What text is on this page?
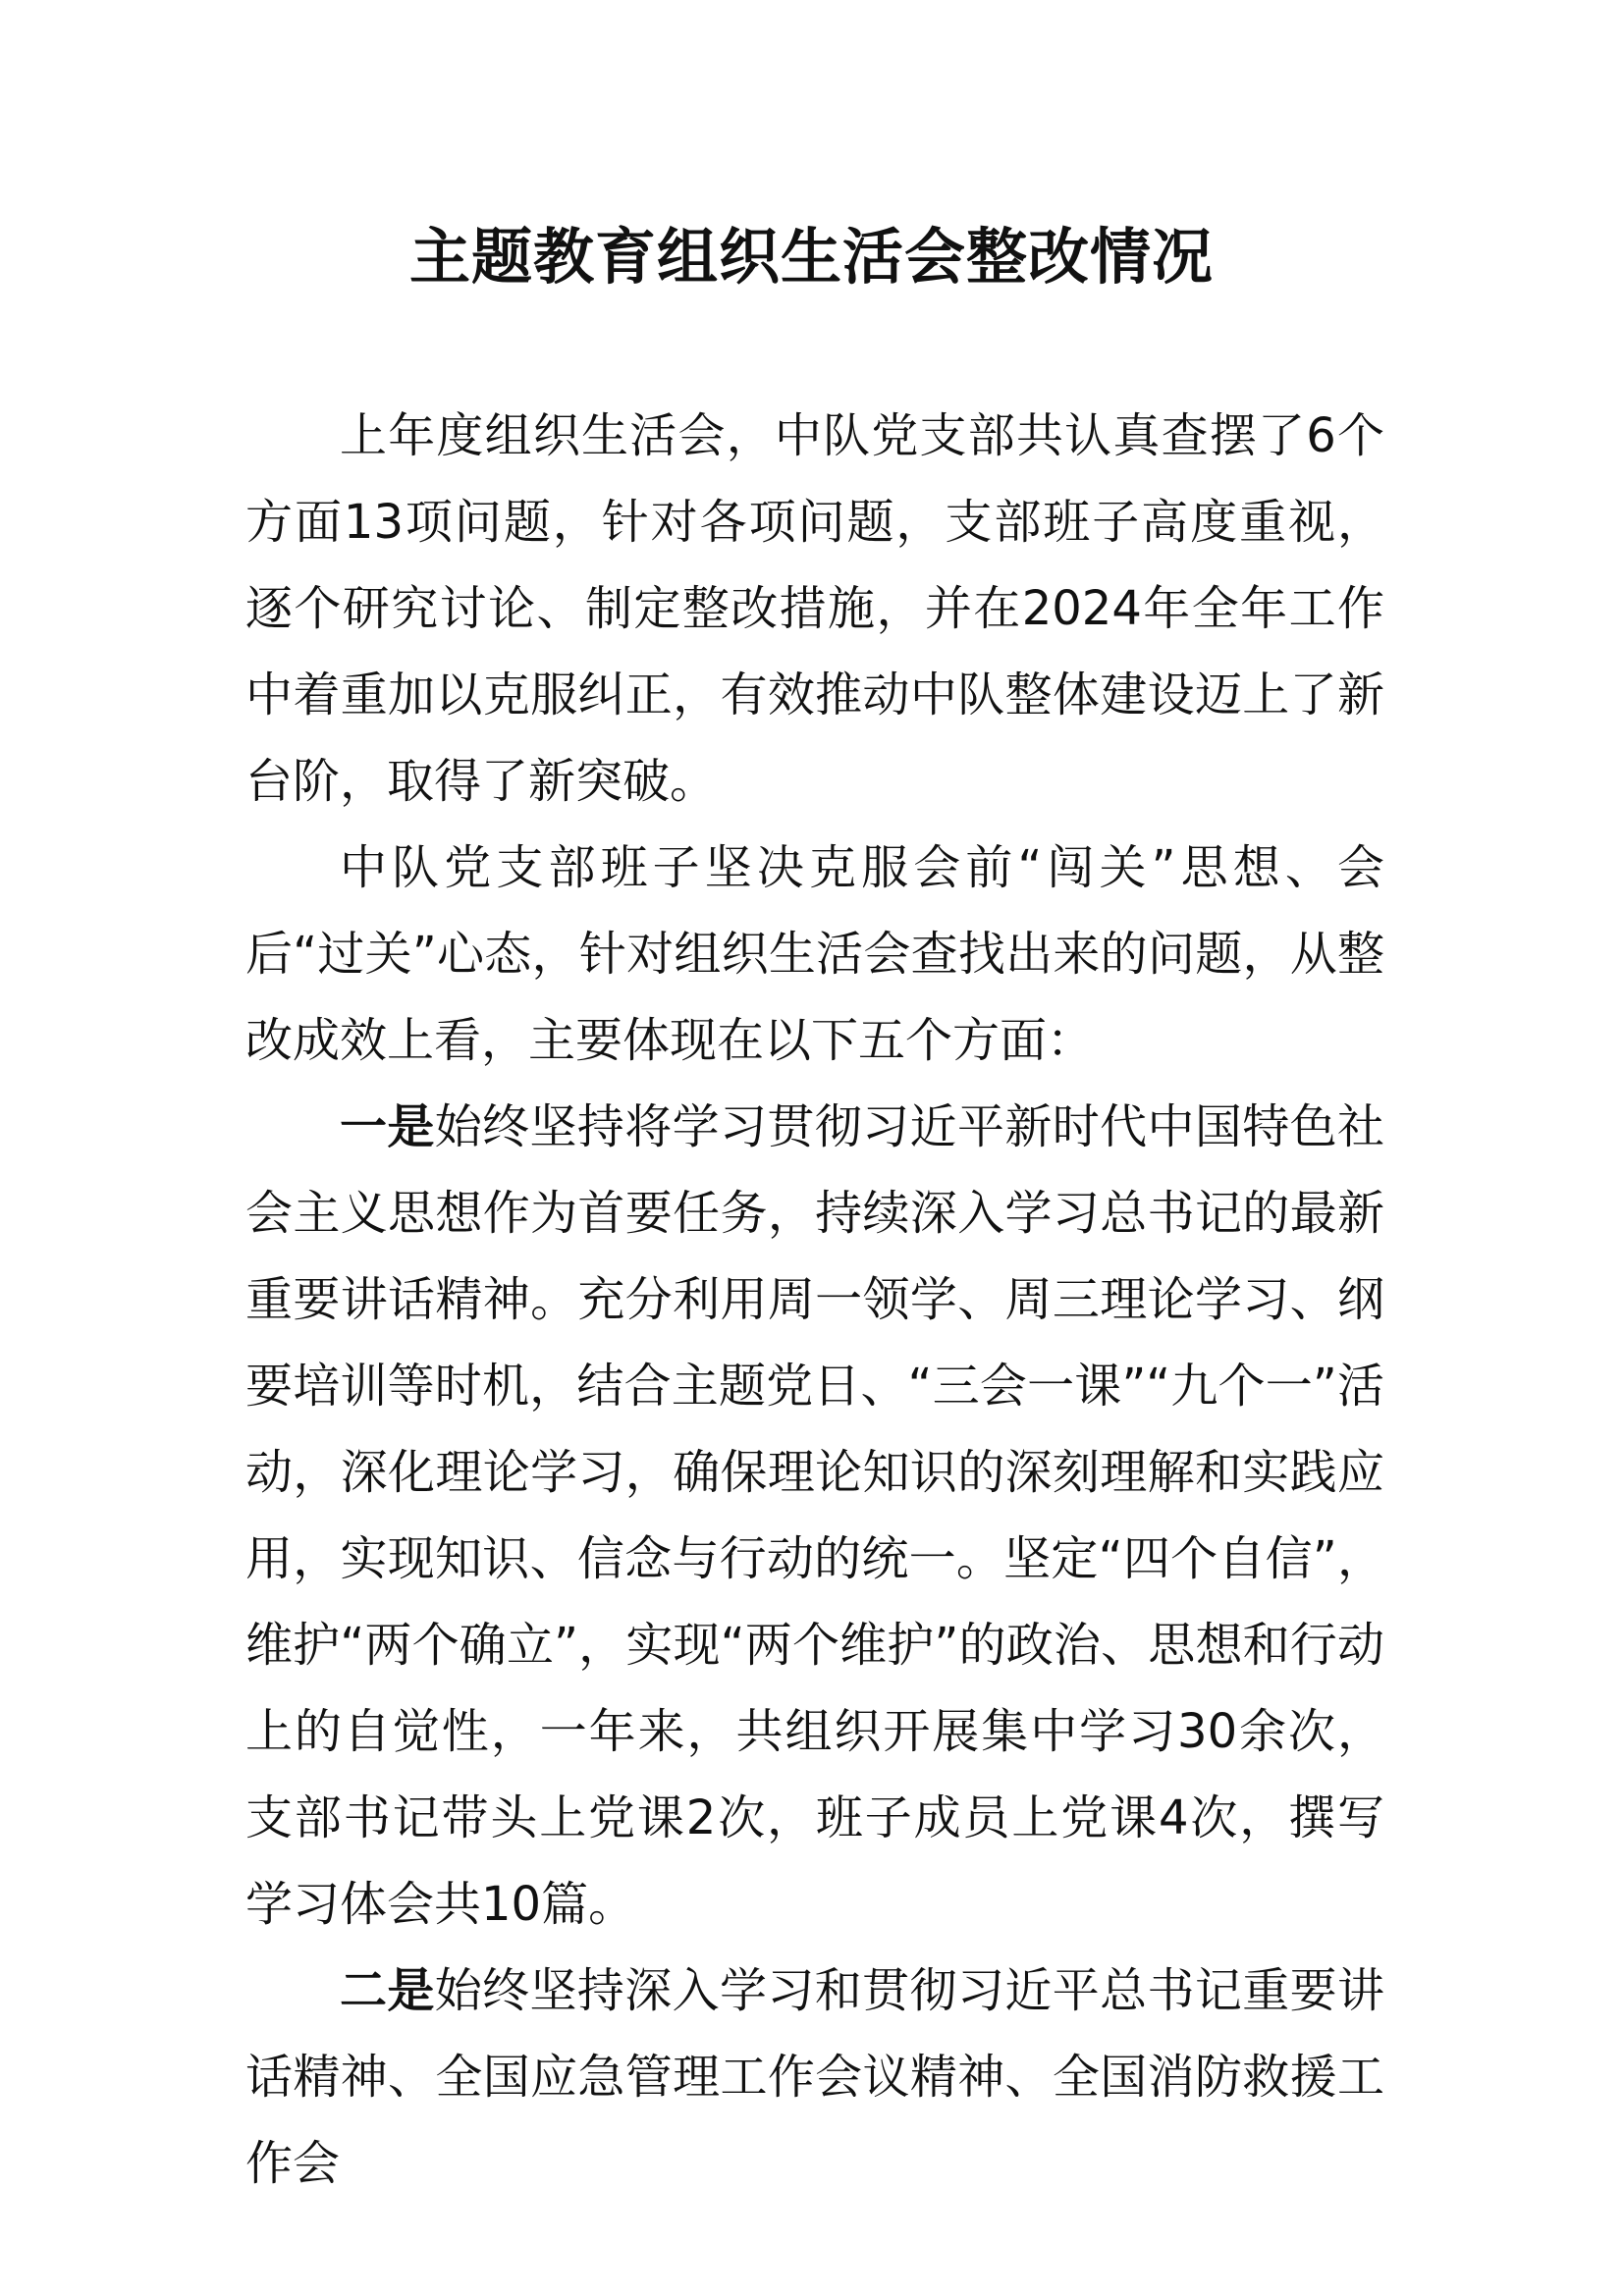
主题教育组织生活会整改情况

上年度组织生活会，中队党支部共认真查摆了6个方面13项问题，针对各项问题，支部班子高度重视，逐个研究讨论、制定整改措施，并在2024年全年工作中着重加以克服纠正，有效推动中队整体建设迈上了新台阶，取得了新突破。

中队党支部班子坚决克服会前“闯关”思想、会后“过关”心态，针对组织生活会查找出来的问题，从整改成效上看，主要体现在以下五个方面：

一是始终坚持将学习贯彻习近平新时代中国特色社会主义思想作为首要任务，持续深入学习总书记的最新重要讲话精神。充分利用周一领学、周三理论学习、纲要培训等时机，结合主题党日、“三会一课”“九个一”活动，深化理论学习，确保理论知识的深刻理解和实践应用，实现知识、信念与行动的统一。坚定“四个自信”，维护“两个确立”，实现“两个维护”的政治、思想和行动上的自觉性，一年来，共组织开展集中学习30余次，支部书记带头上党课2次，班子成员上党课4次，撰写学习体会共10篇。

二是始终坚持深入学习和贯彻习近平总书记重要讲话精神、全国应急管理工作会议精神、全国消防救援工作会
